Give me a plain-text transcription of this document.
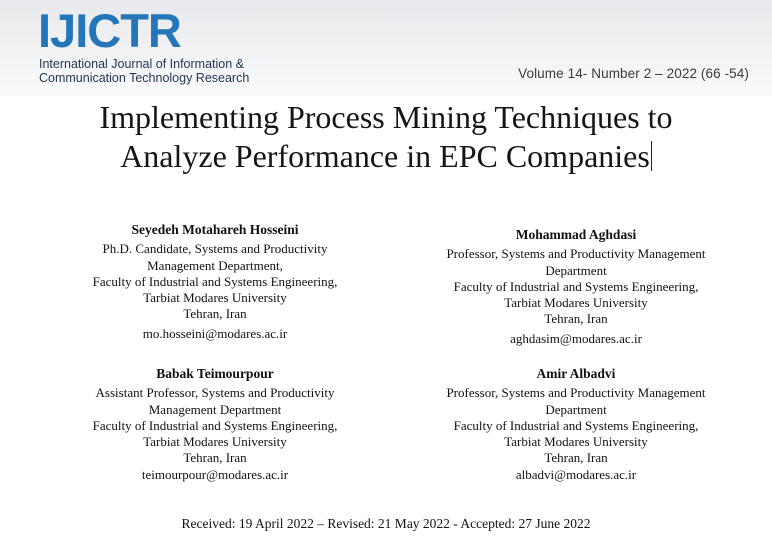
IJICTR
International Journal of Information &
Communication Technology Research	Volume 14- Number 2 – 2022 (66 -54)
Implementing Process Mining Techniques to
Analyze Performance in EPC Companies
Seyedeh Motahareh Hosseini
Ph.D. Candidate, Systems and Productivity
Management Department,
Faculty of Industrial and Systems Engineering,
Tarbiat Modares University
Tehran, Iran
mo.hosseini@modares.ac.ir
Mohammad Aghdasi
Professor, Systems and Productivity Management
Department
Faculty of Industrial and Systems Engineering,
Tarbiat Modares University
Tehran, Iran
aghdasim@modares.ac.ir
Babak Teimourpour
Assistant Professor, Systems and Productivity
Management Department
Faculty of Industrial and Systems Engineering,
Tarbiat Modares University
Tehran, Iran
teimourpour@modares.ac.ir
Amir Albadvi
Professor, Systems and Productivity Management
Department
Faculty of Industrial and Systems Engineering,
Tarbiat Modares University
Tehran, Iran
albadvi@modares.ac.ir
Received: 19 April 2022 – Revised: 21 May 2022 - Accepted: 27 June 2022
